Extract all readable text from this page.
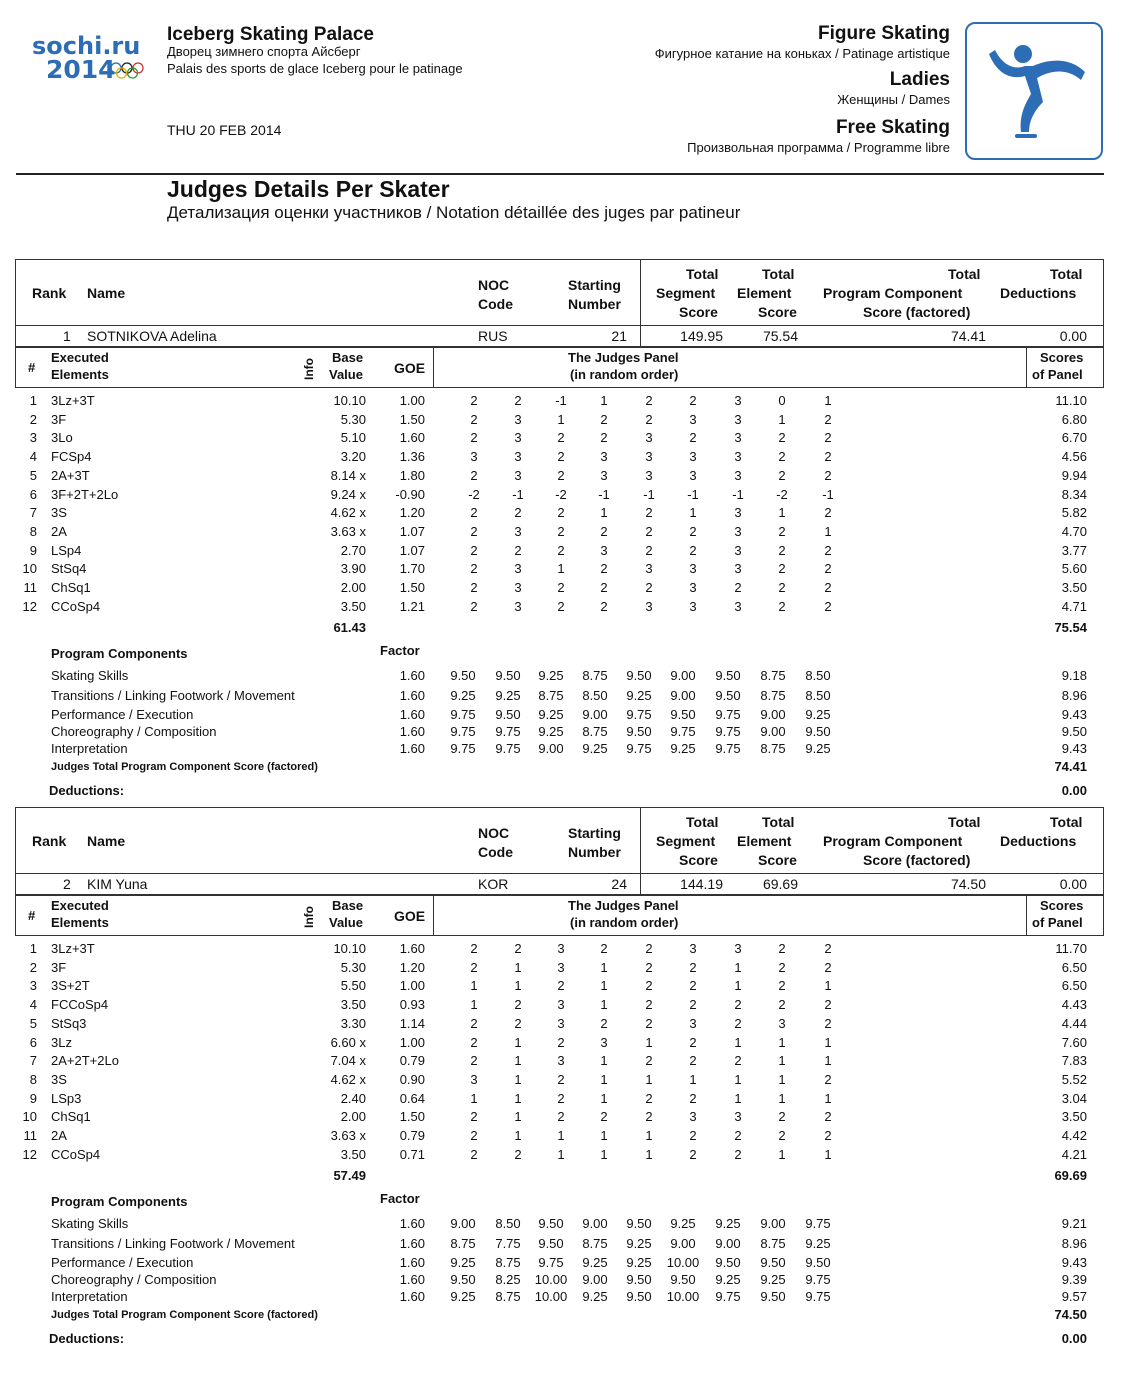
sochi.ru
2014
Iceberg Skating Palace
Дворец зимнего спорта Айсберг
Palais des sports de glace Iceberg pour le patinage
THU 20 FEB 2014
Figure Skating
Фигурное катание на коньках / Patinage artistique
Ladies
Женщины / Dames
Free Skating
Произвольная программа / Programme libre
Judges Details Per Skater
Детализация оценки участников / Notation détaillée des juges par patineur
Rank Name	NOC
Code
Starting
Number
Total
Segment
Score
Total
Element
Score
Total
Program Component
Score (factored)
Total
Deductions
1 SOTNIKOVA Adelina	RUS	21	149.95	75.54	74.41	0.00
#
Executed
Elements	Info
Base
Value GOE
The Judges Panel
(in random order)
Scores
of Panel
1 3Lz+3T	10.10	1.00	2	2	-1	1	2	2	3	0	1	11.10
2 3F	5.30	1.50	2	3	1	2	2	3	3	1	2	6.80
3 3Lo	5.10	1.60	2	3	2	2	3	2	3	2	2	6.70
4 FCSp4	3.20	1.36	3	3	2	3	3	3	3	2	2	4.56
5 2A+3T	8.14 x	1.80	2	3	2	3	3	3	3	2	2	9.94
6 3F+2T+2Lo	9.24 x -0.90	-2	-1	-2	-1	-1	-1	-1	-2	-1	8.34
7 3S	4.62 x	1.20	2	2	2	1	2	1	3	1	2	5.82
8 2A	3.63 x	1.07	2	3	2	2	2	2	3	2	1	4.70
9 LSp4	2.70	1.07	2	2	2	3	2	2	3	2	2	3.77
10 StSq4	3.90	1.70	2	3	1	2	3	3	3	2	2	5.60
11 ChSq1	2.00	1.50	2	3	2	2	2	3	2	2	2	3.50
12 CCoSp4	3.50	1.21	2	3	2	2	3	3	3	2	2	4.71
61.43	75.54
Program Components	Factor
Skating Skills	1.60	9.50	9.50	9.25	8.75	9.50	9.00	9.50	8.75	8.50	9.18
Transitions / Linking Footwork / Movement	1.60	9.25	9.25	8.75	8.50	9.25	9.00	9.50	8.75	8.50	8.96
Performance / Execution	1.60	9.75	9.50	9.25	9.00	9.75	9.50	9.75	9.00	9.25	9.43
Choreography / Composition	1.60	9.75	9.75	9.25	8.75	9.50	9.75	9.75	9.00	9.50	9.50
Interpretation	1.60	9.75	9.75	9.00	9.25	9.75	9.25	9.75	8.75	9.25	9.43
Judges Total Program Component Score (factored)	74.41
Deductions:	0.00
Rank Name	NOC
Code
Starting
Number
Total
Segment
Score
Total
Element
Score
Total
Program Component
Score (factored)
Total
Deductions
2 KIM Yuna	KOR	24	144.19	69.69	74.50	0.00
#
Executed
Elements	Info
Base
Value GOE
The Judges Panel
(in random order)
Scores
of Panel
1 3Lz+3T	10.10	1.60	2	2	3	2	2	3	3	2	2	11.70
2 3F	5.30	1.20	2	1	3	1	2	2	1	2	2	6.50
3 3S+2T	5.50	1.00	1	1	2	1	2	2	1	2	1	6.50
4 FCCoSp4	3.50	0.93	1	2	3	1	2	2	2	2	2	4.43
5 StSq3	3.30	1.14	2	2	3	2	2	3	2	3	2	4.44
6 3Lz	6.60 x	1.00	2	1	2	3	1	2	1	1	1	7.60
7 2A+2T+2Lo	7.04 x	0.79	2	1	3	1	2	2	2	1	1	7.83
8 3S	4.62 x	0.90	3	1	2	1	1	1	1	1	2	5.52
9 LSp3	2.40	0.64	1	1	2	1	2	2	1	1	1	3.04
10 ChSq1	2.00	1.50	2	1	2	2	2	3	3	2	2	3.50
11 2A	3.63 x	0.79	2	1	1	1	1	2	2	2	2	4.42
12 CCoSp4	3.50	0.71	2	2	1	1	1	2	2	1	1	4.21
57.49	69.69
Program Components	Factor
Skating Skills	1.60	9.00	8.50	9.50	9.00	9.50	9.25	9.25	9.00	9.75	9.21
Transitions / Linking Footwork / Movement	1.60	8.75	7.75	9.50	8.75	9.25	9.00	9.00	8.75	9.25	8.96
Performance / Execution	1.60	9.25	8.75	9.75	9.25	9.25	10.00	9.50	9.50	9.50	9.43
Choreography / Composition	1.60	9.50	8.25	10.00	9.00	9.50	9.50	9.25	9.25	9.75	9.39
Interpretation	1.60	9.25	8.75	10.00	9.25	9.50	10.00	9.75	9.50	9.75	9.57
Judges Total Program Component Score (factored)	74.50
Deductions:	0.00
